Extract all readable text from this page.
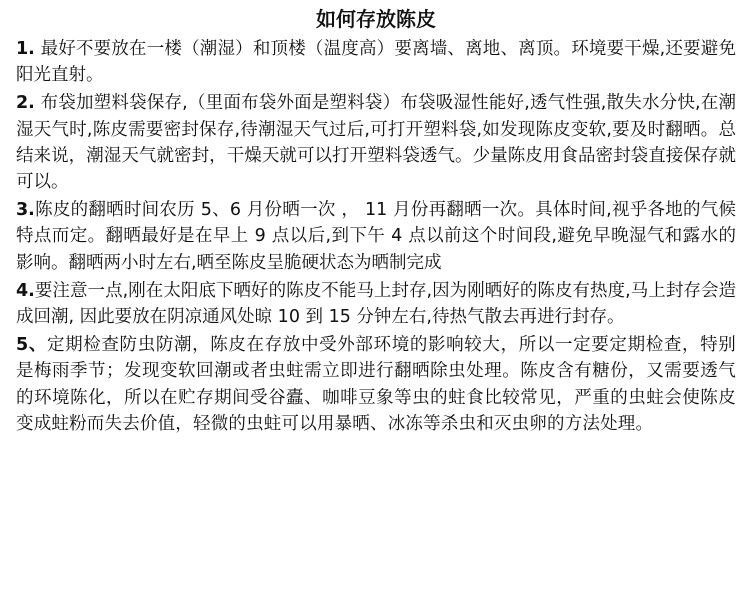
如何存放陈皮

1. 最好不要放在一楼（潮湿）和顶楼（温度高）要离墙、离地、离顶。环境要干燥,还要避免阳光直射。

2. 布袋加塑料袋保存,（里面布袋外面是塑料袋）布袋吸湿性能好,透气性强,散失水分快,在潮湿天气时,陈皮需要密封保存,待潮湿天气过后,可打开塑料袋,如发现陈皮变软,要及时翻晒。总结来说，潮湿天气就密封，干燥天就可以打开塑料袋透气。少量陈皮用食品密封袋直接保存就可以。

3.陈皮的翻晒时间农历 5、6 月份晒一次 ， 11 月份再翻晒一次。具体时间,视乎各地的气候特点而定。翻晒最好是在早上 9 点以后,到下午 4 点以前这个时间段,避免早晚湿气和露水的影响。翻晒两小时左右,晒至陈皮呈脆硬状态为晒制完成

4.要注意一点,刚在太阳底下晒好的陈皮不能马上封存,因为刚晒好的陈皮有热度,马上封存会造成回潮, 因此要放在阴凉通风处晾 10 到 15 分钟左右,待热气散去再进行封存。

5、定期检查防虫防潮，陈皮在存放中受外部环境的影响较大，所以一定要定期检查，特别是梅雨季节；发现变软回潮或者虫蛀需立即进行翻晒除虫处理。陈皮含有糖份，又需要透气的环境陈化，所以在贮存期间受谷蠹、咖啡豆象等虫的蛀食比较常见，严重的虫蛀会使陈皮变成蛀粉而失去价值，轻微的虫蛀可以用暴晒、冰冻等杀虫和灭虫卵的方法处理。
